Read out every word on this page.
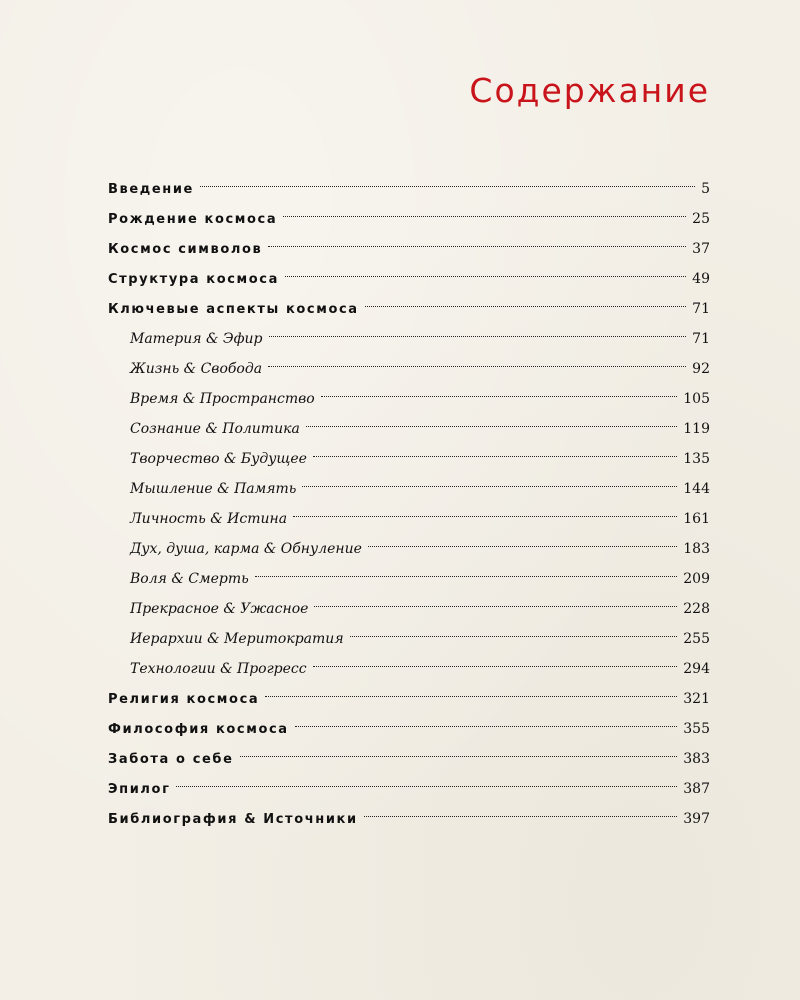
Содержание
Введение	5
Рождение космоса	25
Космос символов	37
Структура космоса	49
Ключевые аспекты космоса	71
Материя & Эфир	71
Жизнь & Свобода	92
Время & Пространство	105
Сознание & Политика	119
Творчество & Будущее	135
Мышление & Память	144
Личность & Истина	161
Дух, душа, карма & Обнуление	183
Воля & Смерть	209
Прекрасное & Ужасное	228
Иерархии & Меритократия	255
Технологии & Прогресс	294
Религия космоса	321
Философия космоса	355
Забота о себе	383
Эпилог	387
Библиография & Источники	397
